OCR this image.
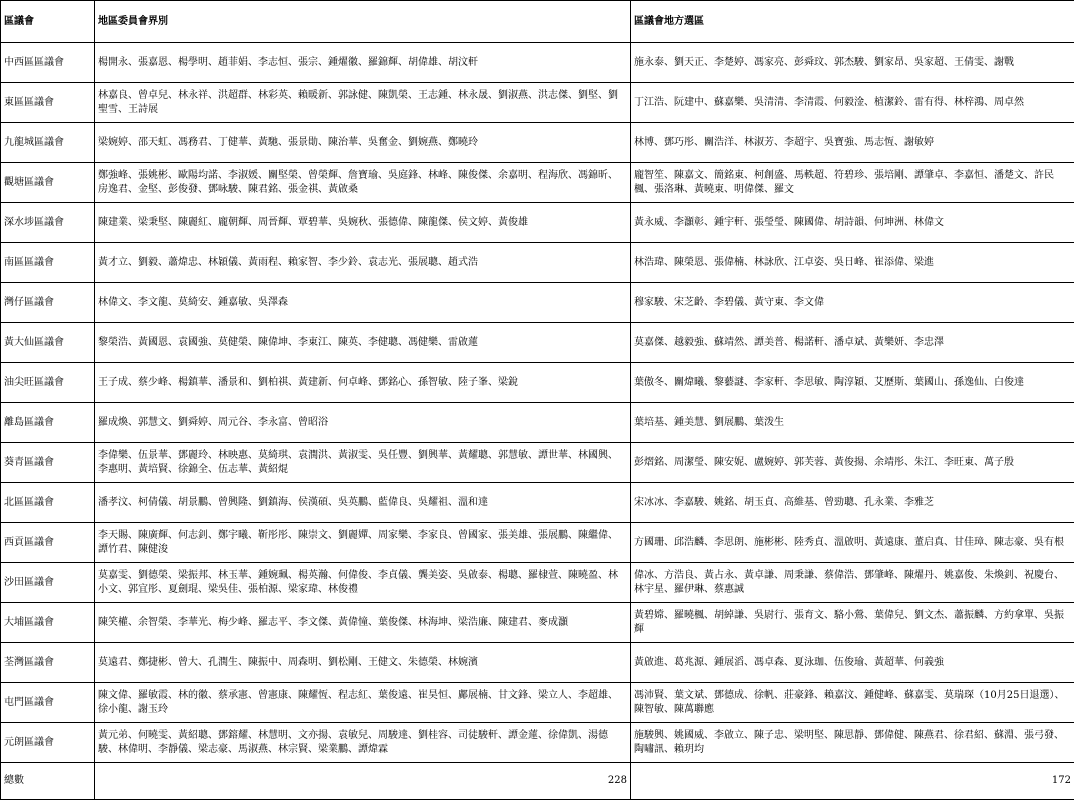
區議會	地區委員會界別	區議會地方選區
中西區區議會	楊開永、張嘉恩、楊學明、趙菲娟、李志恒、張宗、鍾燿徽、羅錦輝、胡偉雄、胡汶軒	施永泰、劉天正、李楚婷、馮家亮、彭舜玟、郭杰駿、劉家昂、吳家超、王倩雯、謝戰
東區區議會	林嘉良、曾卓兒、林永祥、洪超群、林彩英、賴暖新、郭詠健、陳凱榮、王志鍾、林永晟、劉淑燕、洪志傑、劉堅、劉聖雪、王詩展	丁江浩、阮建中、蘇嘉樂、吳清清、李清霞、何毅淦、植潔鈴、雷有得、林梓鴻、周卓然
九龍城區議會	梁婉婷、邵天虹、馮務君、丁健華、黃馳、張景勛、陳治華、吳奮金、劉婉燕、鄭曉玲	林博、鄧巧彤、關浩洋、林淑芳、李超宇、吳寶強、馬志恆、謝敏婷
觀塘區議會	鄭強峰、張姚彬、歐陽均諾、李淑媛、關堅榮、曾榮輝、詹寶瑜、吳庭鋒、林峰、陳俊傑、余嘉明、程海欣、馮錦昕、房逸君、金堅、彭俊發、鄧咏駿、陳君銘、張金祺、黃啟桑	龐智笙、陳嘉文、簡銘東、柯創盛、馬軼超、符碧珍、張培剛、譚肇卓、李嘉恒、潘楚文、許民楓、張洛琳、黃曉東、明偉傑、羅文
深水埗區議會	陳建業、梁秉堅、陳麗紅、龐朝輝、周晉輝、覃碧華、吳婉秋、張德偉、陳龍傑、侯文婷、黃俊雄	黃永威、李灝彰、鍾宇軒、張瑩瑩、陳國偉、胡詩韻、何坤洲、林偉文
南區區議會	黃才立、劉毅、蕭煒忠、林穎儀、黃雨程、賴家智、李少鈴、袁志光、張展聰、趙式浩	林浩瑋、陳榮恩、張偉楠、林詠欣、江卓姿、吳日峰、崔添偉、梁進
灣仔區議會	林偉文、李文龍、莫綺安、鍾嘉敏、吳澤森	穆家駿、宋芝齡、李碧儀、黃守東、李文偉
黃大仙區議會	黎榮浩、黃國恩、袁國強、莫健榮、陳偉坤、李東江、陳英、李健聰、馮健樂、雷啟蓮	莫嘉傑、越毅強、蘇靖然、譚美普、楊諾軒、潘卓斌、黃樂妍、李忠澤
油尖旺區議會	王子成、蔡少峰、楊鎮華、潘景和、劉柏祺、黃建新、何卓峰、鄧銘心、孫智敏、陸子峯、梁銳	葉傲冬、關煒曦、黎藝謎、李家軒、李思敏、陶淳穎、艾歷斯、葉國山、孫逸仙、白俊達
離島區議會	羅成煥、郭慧文、劉舜婷、周元谷、李永富、曾昭浴	葉培基、鍾美慧、劉展鵬、葉泼生
葵青區議會	李偉樂、伍景華、鄧麗玲、林映惠、莫綺琪、袁潤洪、黃淑雯、吳任豐、劉興華、黃耀聰、郭慧敏、譚世華、林國興、李惠明、黃培賢、徐錦全、伍志華、黃紹焜	彭熠銘、周潔瑩、陳安妮、盧婉婷、郭芙蓉、黃俊揚、余靖彤、朱江、李旺東、萬子殷
北區區議會	潘孝汶、柯倩儀、胡景鵬、曾興隆、劉鎮海、侯漢碩、吳英鵬、藍偉良、吳耀祖、溫和達	宋冰冰、李嘉駿、姚銘、胡玉貞、高維基、曾勁聰、孔永業、李雅芝
西貢區議會	李天賜、陳廣輝、何志釗、鄭宇曦、靳彤彤、陳崇文、劉麗嬋、周家樂、李家良、曾國家、張美雄、張展鵬、陳繼偉、譚竹君、陳健浚	方國珊、邱浩麟、李思朗、施彬彬、陸秀貞、溫啟明、黃遠康、董启真、甘佳璋、陳志豪、吳有根
沙田區議會	莫嘉雯、劉德榮、梁振邦、林玉華、鍾婉珮、楊英瀚、何偉俊、李貞儀、龔美姿、吳啟泰、楊聰、羅棣萱、陳曉盈、林小文、郭宜彤、夏劍琨、梁吳佳、張柏源、梁家瑋、林俊禮	偉冰、方浩良、黃占永、黃卓謙、周秉謙、蔡偉浩、鄧肇峰、陳燿丹、姚嘉俊、朱煥釗、祝慶台、林宇星、羅伊琳、蔡惠誠
大埔區議會	陳笑權、余智榮、李華光、梅少峰、羅志平、李文傑、黃偉憧、葉俊傑、林海坤、梁浩廉、陳建君、麥成灝	黃碧嫦、羅曉楓、胡綽謙、吳尉行、張育文、駱小鶯、葉偉兒、劉文杰、蕭振麟、方約拿單、吳振輝
荃灣區議會	莫遠君、鄭捷彬、曾大、孔潤生、陳振中、周森明、劉松剛、王健文、朱德榮、林婉濱	黃啟進、葛兆源、鍾展滔、馮卓森、夏泳珈、伍俊瑜、黃超華、何義強
屯門區議會	陳文偉、羅敏霞、林的徽、蔡承憲、曾憲康、陳耀恆、程志紅、葉俊遠、崔昊恒、鄺展楠、甘文鋒、梁立人、李超雄、徐小龍、謝玉玲	馮沛賢、葉文斌、鄧德成、徐帆、莊豪鋒、賴嘉汶、鍾健峰、蘇嘉雯、莫瑞琛（10月25日退選）、陳智敏、陳萬聯應
元朗區議會	黃元弟、何曉雯、黃紹聰、鄧鎔耀、林慧明、文亦揚、袁敏兒、周駿達、劉桂容、司徒駿軒、譚金蓮、徐偉凱、湯德駿、林偉明、李靜儀、梁志豪、馬淑燕、林宗賢、梁業鵬、譚煒霖	施駿興、姚國威、李啟立、陳子忠、梁明堅、陳思靜、鄧偉健、陳燕君、徐君紹、蘇淵、張弓發、陶嘯訊、賴玥均
總數	228	172
